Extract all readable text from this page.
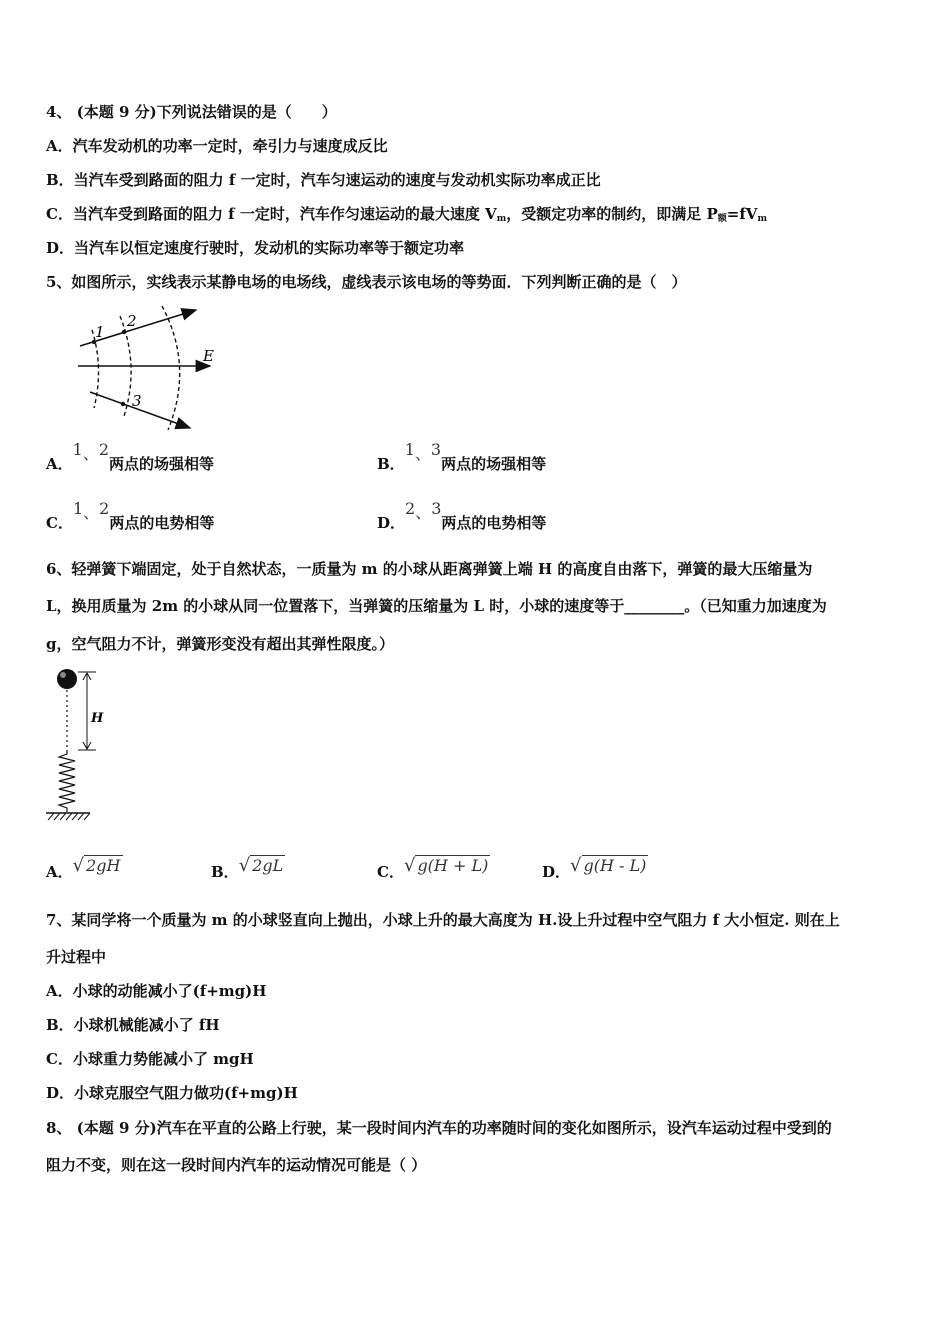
4、 (本题 9 分)下列说法错误的是（　　）
A．汽车发动机的功率一定时，牵引力与速度成反比
B．当汽车受到路面的阻力 f 一定时，汽车匀速运动的速度与发动机实际功率成正比
C．当汽车受到路面的阻力 f 一定时，汽车作匀速运动的最大速度 $V_m$，受额定功率的制约，即满足 $P_额=fV_m$
D．当汽车以恒定速度行驶时，发动机的实际功率等于额定功率
5、如图所示，实线表示某静电场的电场线，虚线表示该电场的等势面．下列判断正确的是（　）
1
2
3
E
A．1、2两点的场强相等	B．1、3两点的场强相等
C．1、2两点的电势相等	D．2、3两点的电势相等
6、轻弹簧下端固定，处于自然状态，一质量为 m 的小球从距离弹簧上端 H 的高度自由落下，弹簧的最大压缩量为
L，换用质量为 2m 的小球从同一位置落下，当弹簧的压缩量为 L 时，小球的速度等于________。（已知重力加速度为
g，空气阻力不计，弹簧形变没有超出其弹性限度。）
H
A．√ 2gH	B．√ 2gL	C．√ g(H + L)	D．√ g(H - L)
7、某同学将一个质量为 m 的小球竖直向上抛出，小球上升的最大高度为 H.设上升过程中空气阻力 f 大小恒定. 则在上
升过程中
A．小球的动能减小了(f+mg)H
B．小球机械能减小了 fH
C．小球重力势能减小了 mgH
D．小球克服空气阻力做功(f+mg)H
8、 (本题 9 分)汽车在平直的公路上行驶，某一段时间内汽车的功率随时间的变化如图所示，设汽车运动过程中受到的
阻力不变，则在这一段时间内汽车的运动情况可能是（ ）
